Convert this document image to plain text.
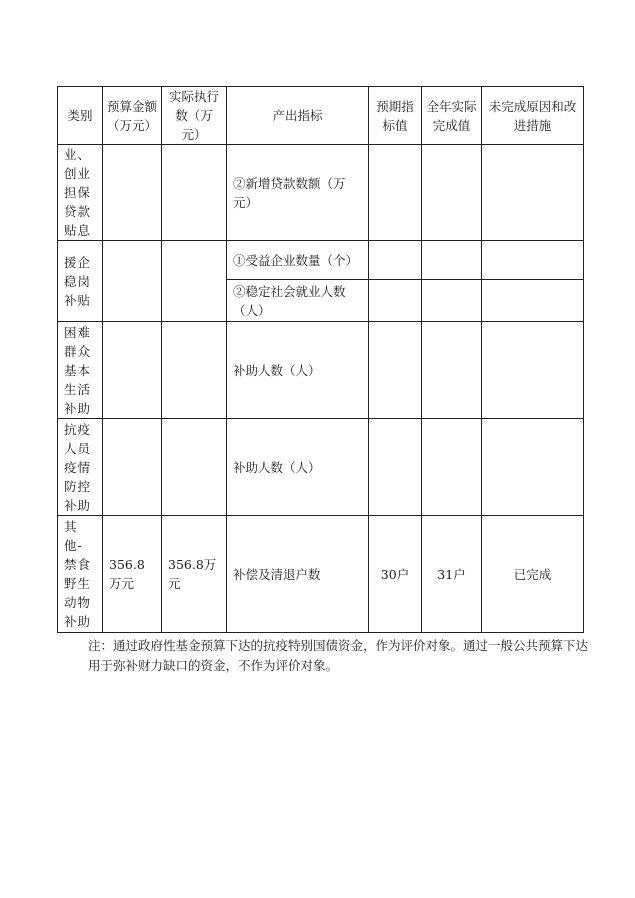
类别	预算金额（万元）	实际执行数（万元）	产出指标	预期指标值	全年实际完成值	未完成原因和改进措施
业、创业担保贷款贴息			②新增贷款数额（万元）			
援企稳岗补贴			①受益企业数量（个）			
			②稳定社会就业人数（人）			
困难群众基本生活补助			补助人数（人）			
抗疫人员疫情防控补助			补助人数（人）			
其他-禁食野生动物补助	356.8万元	356.8万元	补偿及清退户数	30户	31户	已完成

注：通过政府性基金预算下达的抗疫特别国债资金，作为评价对象。通过一般公共预算下达用于弥补财力缺口的资金，不作为评价对象。
